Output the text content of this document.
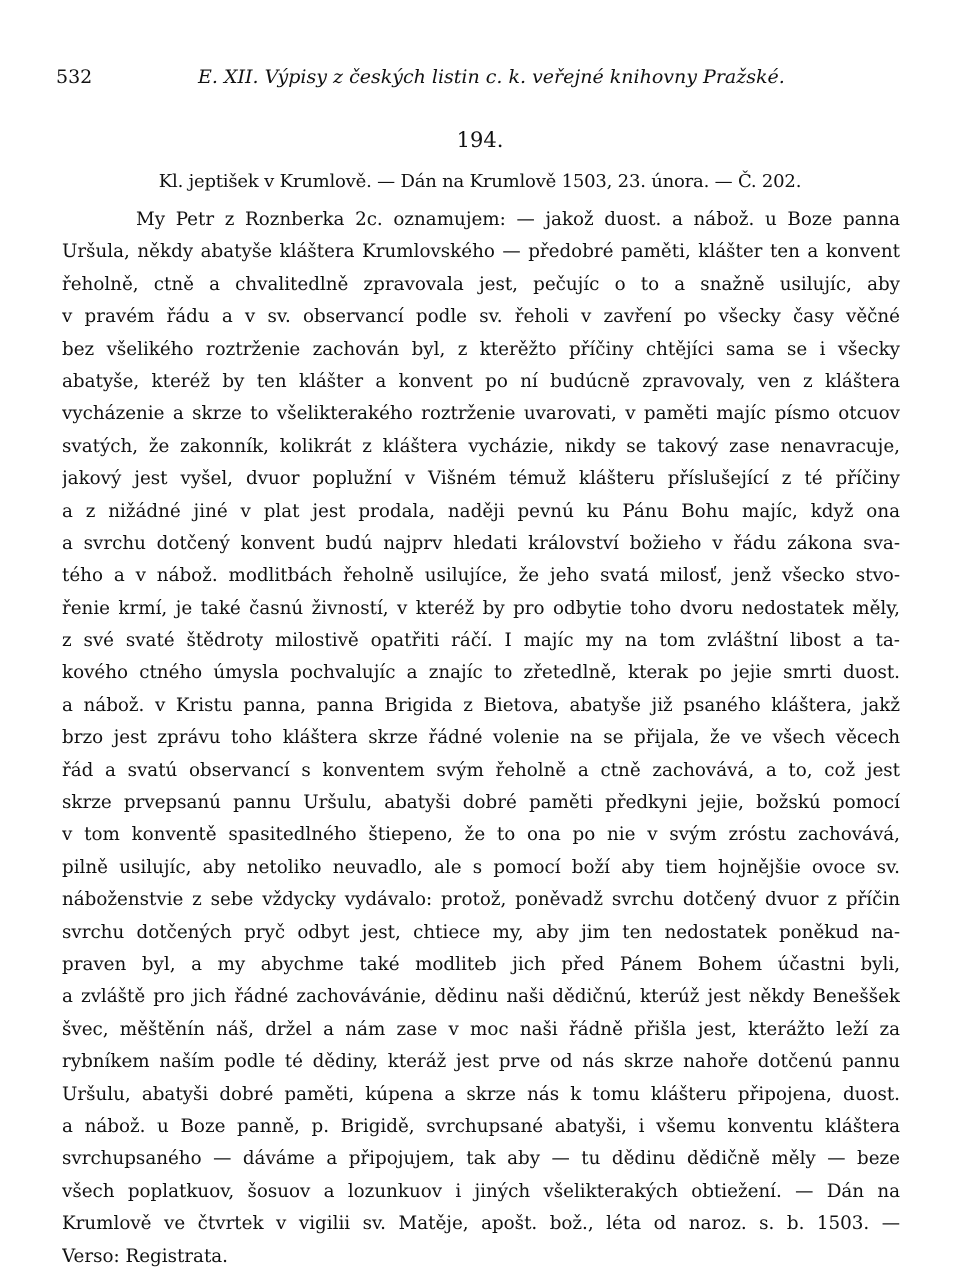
532	E. XII. Výpisy z českých listin c. k. veřejné knihovny Pražské.
194.
Kl. jeptišek v Krumlově. — Dán na Krumlově 1503, 23. února. — Č. 202.
My Petr z Roznberka 2c. oznamujem: — jakož duost. a nábož. u Boze panna
Uršula, někdy abatyše kláštera Krumlovského — předobré paměti, klášter ten a konvent
řeholně, ctně a chvalitedlně zpravovala jest, pečujíc o to a snažně usilujíc, aby
v pravém řádu a v sv. observancí podle sv. řeholi v zavření po všecky časy věčné
bez všelikého roztrženie zachován byl, z kterěžto příčiny chtějíci sama se i všecky
abatyše, kteréž by ten klášter a konvent po ní budúcně zpravovaly, ven z kláštera
vycházenie a skrze to všelikterakého roztrženie uvarovati, v paměti majíc písmo otcuov
svatých, že zakonník, kolikrát z kláštera vycházie, nikdy se takový zase nenavracuje,
jakový jest vyšel, dvuor poplužní v Višném témuž klášteru příslušející z té příčiny
a z nižádné jiné v plat jest prodala, naději pevnú ku Pánu Bohu majíc, když ona
a svrchu dotčený konvent budú najprv hledati království božieho v řádu zákona sva-
tého a v nábož. modlitbách řeholně usilujíce, že jeho svatá milosť, jenž všecko stvo-
řenie krmí, je také časnú živností, v kteréž by pro odbytie toho dvoru nedostatek měly,
z své svaté štědroty milostivě opatřiti ráčí. I majíc my na tom zvláštní libost a ta-
kového ctného úmysla pochvalujíc a znajíc to zřetedlně, kterak po jejie smrti duost.
a nábož. v Kristu panna, panna Brigida z Bietova, abatyše již psaného kláštera, jakž
brzo jest zprávu toho kláštera skrze řádné volenie na se přijala, že ve všech věcech
řád a svatú observancí s konventem svým řeholně a ctně zachovává, a to, což jest
skrze prvepsanú pannu Uršulu, abatyši dobré paměti předkyni jejie, božskú pomocí
v tom konventě spasitedlného štiepeno, že to ona po nie v svým zróstu zachovává,
pilně usilujíc, aby netoliko neuvadlo, ale s pomocí boží aby tiem hojnějšie ovoce sv.
náboženstvie z sebe vždycky vydávalo: protož, poněvadž svrchu dotčený dvuor z příčin
svrchu dotčených pryč odbyt jest, chtiece my, aby jim ten nedostatek poněkud na-
praven byl, a my abychme také modliteb jich před Pánem Bohem účastni byli,
a zvláště pro jich řádné zachovávánie, dědinu naši dědičnú, kterúž jest někdy Beneššek
švec, měštěnín náš, držel a nám zase v moc naši řádně přišla jest, kterážto leží za
rybníkem naším podle té dědiny, kteráž jest prve od nás skrze nahoře dotčenú pannu
Uršulu, abatyši dobré paměti, kúpena a skrze nás k tomu klášteru připojena, duost.
a nábož. u Boze panně, p. Brigidě, svrchupsané abatyši, i všemu konventu kláštera
svrchupsaného — dáváme a připojujem, tak aby — tu dědinu dědičně měly — beze
všech poplatkuov, šosuov a lozunkuov i jiných všelikterakých obtiežení. — Dán na
Krumlově ve čtvrtek v vigilii sv. Matěje, apošt. bož., léta od naroz. s. b. 1503. —
Verso: Registrata.
